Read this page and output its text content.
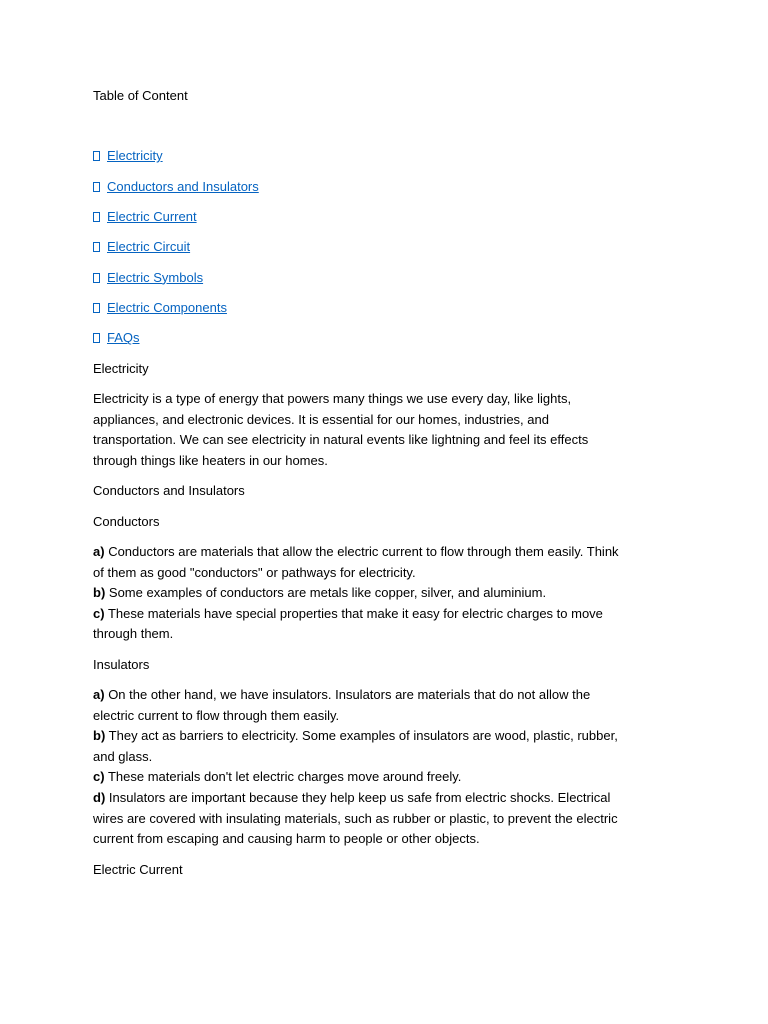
Table of Content

Electricity

Conductors and Insulators

Electric Current

Electric Circuit

Electric Symbols

Electric Components

FAQs

Electricity

Electricity is a type of energy that powers many things we use every day, like lights,
appliances, and electronic devices. It is essential for our homes, industries, and
transportation. We can see electricity in natural events like lightning and feel its effects
through things like heaters in our homes.

Conductors and Insulators

Conductors

a) Conductors are materials that allow the electric current to flow through them easily. Think
of them as good "conductors" or pathways for electricity.
b) Some examples of conductors are metals like copper, silver, and aluminium.
c) These materials have special properties that make it easy for electric charges to move
through them.

Insulators

a) On the other hand, we have insulators. Insulators are materials that do not allow the
electric current to flow through them easily.
b) They act as barriers to electricity. Some examples of insulators are wood, plastic, rubber,
and glass.
c) These materials don't let electric charges move around freely.
d) Insulators are important because they help keep us safe from electric shocks. Electrical
wires are covered with insulating materials, such as rubber or plastic, to prevent the electric
current from escaping and causing harm to people or other objects.

Electric Current
